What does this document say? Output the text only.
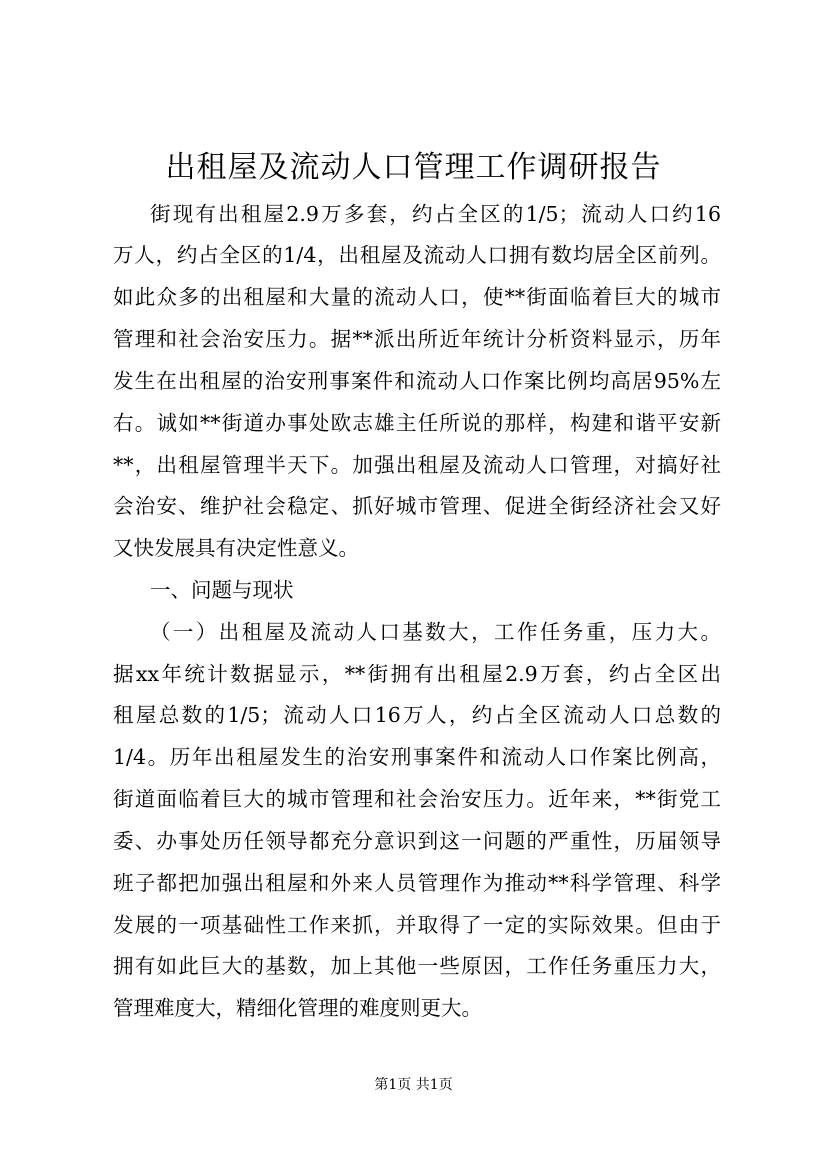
出租屋及流动人口管理工作调研报告
街现有出租屋2.9万多套，约占全区的1/5；流动人口约16
万人，约占全区的1/4，出租屋及流动人口拥有数均居全区前列。
如此众多的出租屋和大量的流动人口，使**街面临着巨大的城市
管理和社会治安压力。据**派出所近年统计分析资料显示，历年
发生在出租屋的治安刑事案件和流动人口作案比例均高居95%左
右。诚如**街道办事处欧志雄主任所说的那样，构建和谐平安新
**，出租屋管理半天下。加强出租屋及流动人口管理，对搞好社
会治安、维护社会稳定、抓好城市管理、促进全街经济社会又好
又快发展具有决定性意义。
一、问题与现状
（一）出租屋及流动人口基数大，工作任务重，压力大。
据xx年统计数据显示，**街拥有出租屋2.9万套，约占全区出
租屋总数的1/5；流动人口16万人，约占全区流动人口总数的
1/4。历年出租屋发生的治安刑事案件和流动人口作案比例高，
街道面临着巨大的城市管理和社会治安压力。近年来，**街党工
委、办事处历任领导都充分意识到这一问题的严重性，历届领导
班子都把加强出租屋和外来人员管理作为推动**科学管理、科学
发展的一项基础性工作来抓，并取得了一定的实际效果。但由于
拥有如此巨大的基数，加上其他一些原因，工作任务重压力大，
管理难度大，精细化管理的难度则更大。
第1页 共1页
